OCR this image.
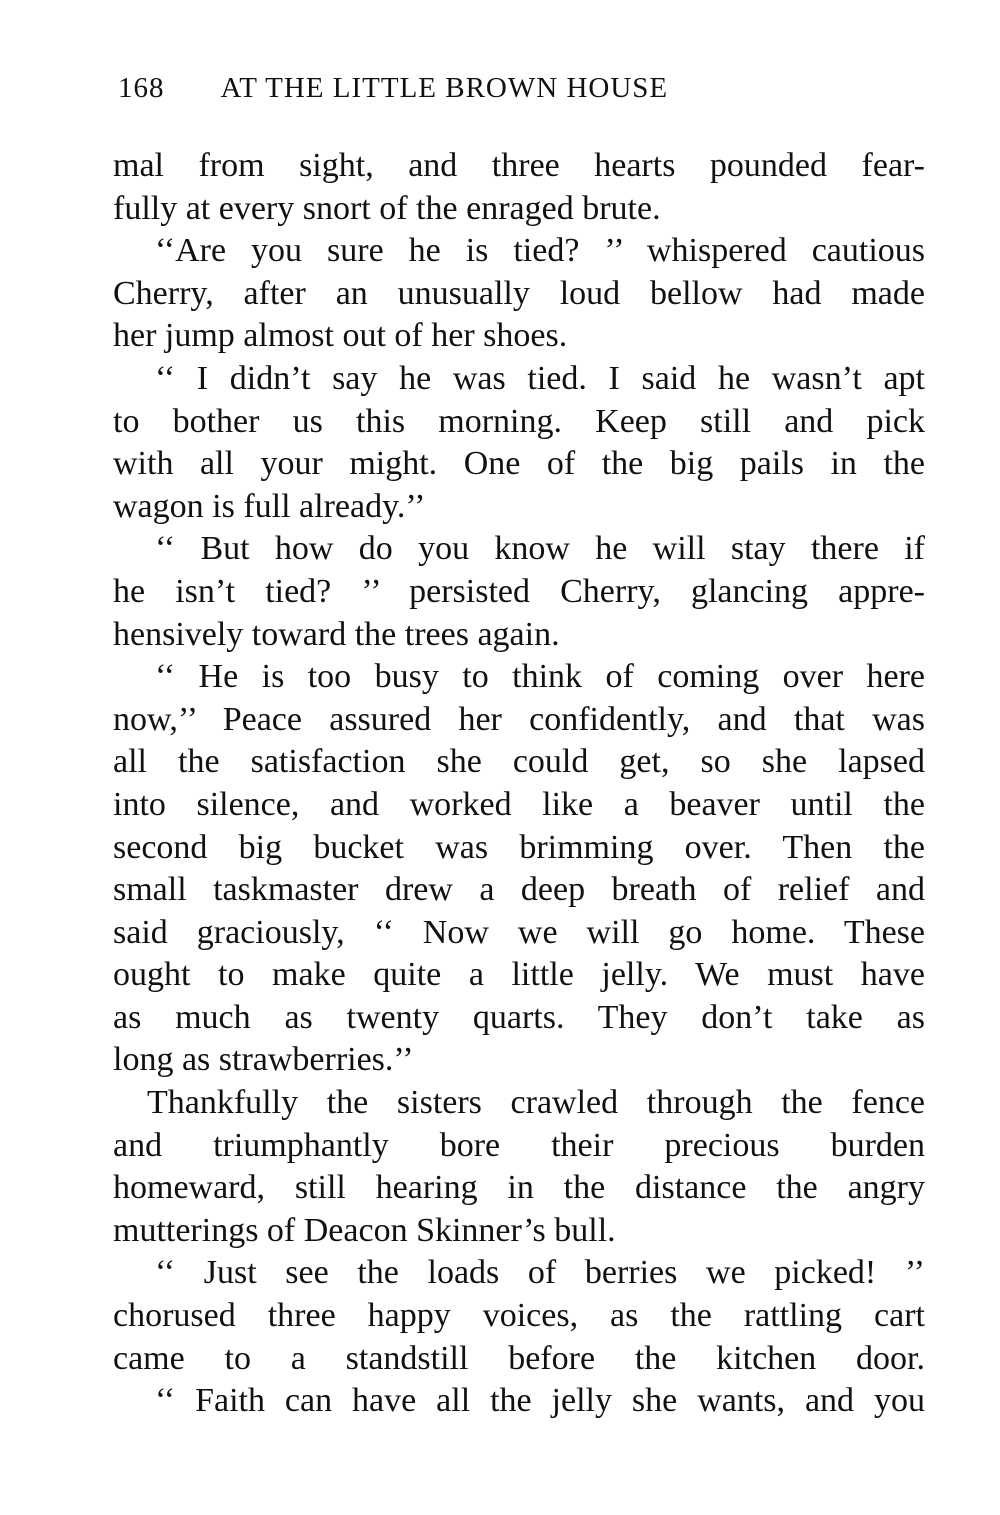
168 AT THE LITTLE BROWN HOUSE
mal from sight, and three hearts pounded fear-
fully at every snort of the enraged brute.
‘‘Are you sure he is tied? ’’ whispered cautious
Cherry, after an unusually loud bellow had made
her jump almost out of her shoes.
‘‘ I didn’t say he was tied. I said he wasn’t apt
to bother us this morning. Keep still and pick
with all your might. One of the big pails in the
wagon is full already.’’
‘‘ But how do you know he will stay there if
he isn’t tied? ’’ persisted Cherry, glancing appre-
hensively toward the trees again.
‘‘ He is too busy to think of coming over here
now,’’ Peace assured her confidently, and that was
all the satisfaction she could get, so she lapsed
into silence, and worked like a beaver until the
second big bucket was brimming over. Then the
small taskmaster drew a deep breath of relief and
said graciously, ‘‘ Now we will go home. These
ought to make quite a little jelly. We must have
as much as twenty quarts. They don’t take as
long as strawberries.’’
Thankfully the sisters crawled through the fence
and triumphantly bore their precious burden
homeward, still hearing in the distance the angry
mutterings of Deacon Skinner’s bull.
‘‘ Just see the loads of berries we picked! ’’
chorused three happy voices, as the rattling cart
came to a standstill before the kitchen door.
‘‘ Faith can have all the jelly she wants, and you
